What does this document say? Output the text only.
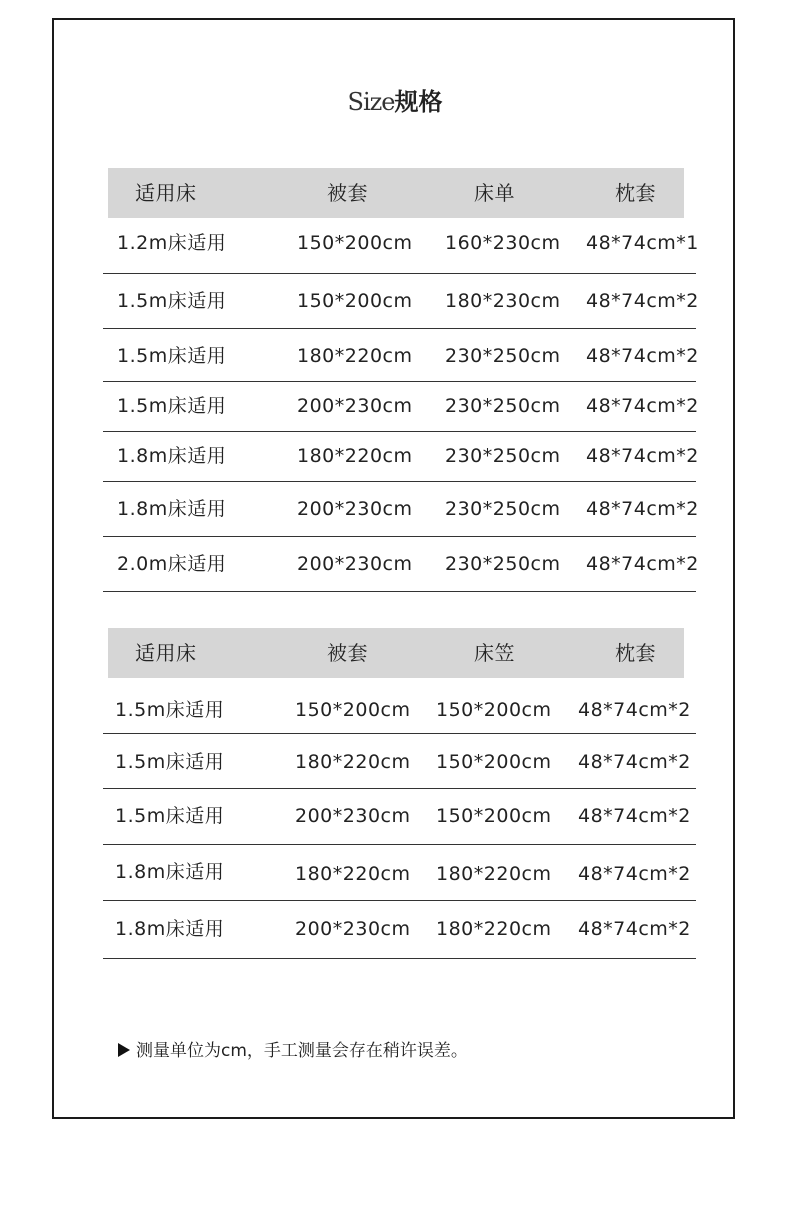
Size规格
适用床	被套	床单	枕套
1.2m床适用	150*200cm 160*230cm 48*74cm*1
1.5m床适用	150*200cm 180*230cm 48*74cm*2
1.5m床适用	180*220cm 230*250cm 48*74cm*2
1.5m床适用	200*230cm 230*250cm 48*74cm*2
1.8m床适用	180*220cm 230*250cm 48*74cm*2
1.8m床适用	200*230cm 230*250cm 48*74cm*2
2.0m床适用	200*230cm 230*250cm 48*74cm*2
适用床	被套	床笠	枕套
1.5m床适用	150*200cm 150*200cm 48*74cm*2
1.5m床适用	180*220cm 150*200cm 48*74cm*2
1.5m床适用	200*230cm 150*200cm 48*74cm*2
1.8m床适用	180*220cm 180*220cm 48*74cm*2
1.8m床适用	200*230cm 180*220cm 48*74cm*2
测量单位为cm，手工测量会存在稍许误差。
